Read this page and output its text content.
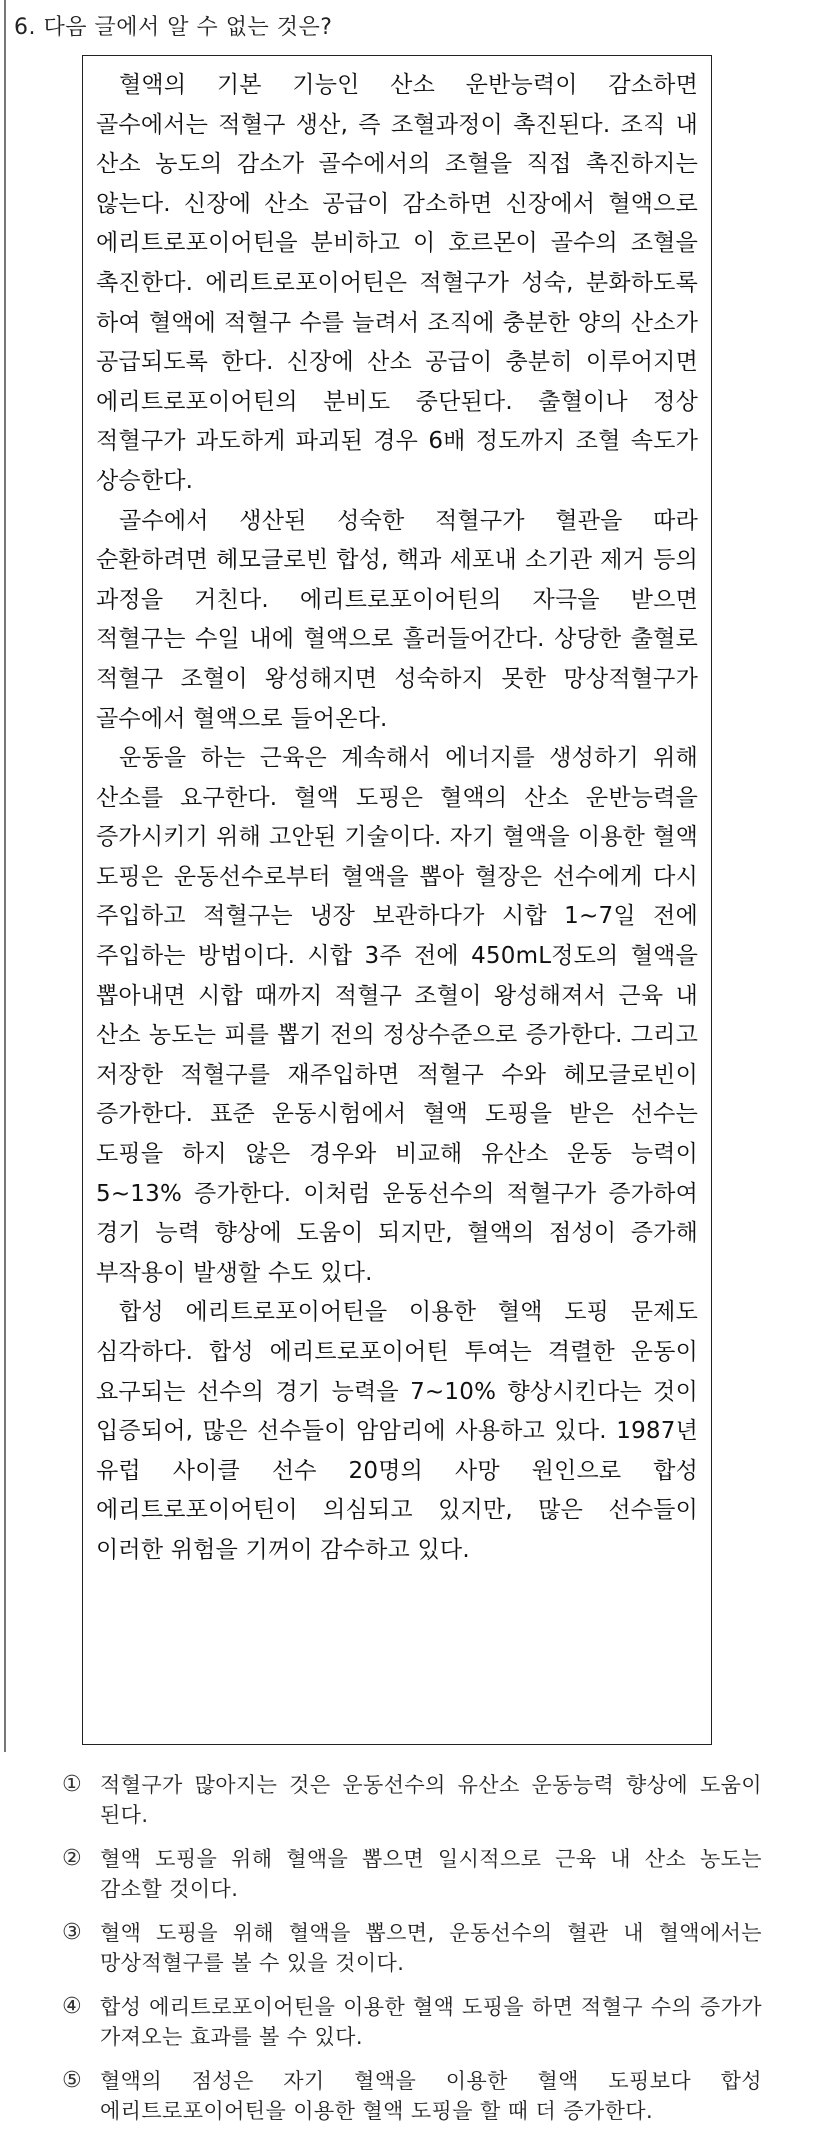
6. 다음 글에서 알 수 없는 것은?

혈액의 기본 기능인 산소 운반능력이 감소하면 골수에서는 적혈구 생산, 즉 조혈과정이 촉진된다. 조직 내 산소 농도의 감소가 골수에서의 조혈을 직접 촉진하지는 않는다. 신장에 산소 공급이 감소하면 신장에서 혈액으로 에리트로포이어틴을 분비하고 이 호르몬이 골수의 조혈을 촉진한다. 에리트로포이어틴은 적혈구가 성숙, 분화하도록 하여 혈액에 적혈구 수를 늘려서 조직에 충분한 양의 산소가 공급되도록 한다. 신장에 산소 공급이 충분히 이루어지면 에리트로포이어틴의 분비도 중단된다. 출혈이나 정상 적혈구가 과도하게 파괴된 경우 6배 정도까지 조혈 속도가 상승한다.

골수에서 생산된 성숙한 적혈구가 혈관을 따라 순환하려면 헤모글로빈 합성, 핵과 세포내 소기관 제거 등의 과정을 거친다. 에리트로포이어틴의 자극을 받으면 적혈구는 수일 내에 혈액으로 흘러들어간다. 상당한 출혈로 적혈구 조혈이 왕성해지면 성숙하지 못한 망상적혈구가 골수에서 혈액으로 들어온다.

운동을 하는 근육은 계속해서 에너지를 생성하기 위해 산소를 요구한다. 혈액 도핑은 혈액의 산소 운반능력을 증가시키기 위해 고안된 기술이다. 자기 혈액을 이용한 혈액 도핑은 운동선수로부터 혈액을 뽑아 혈장은 선수에게 다시 주입하고 적혈구는 냉장 보관하다가 시합 1~7일 전에 주입하는 방법이다. 시합 3주 전에 450mL정도의 혈액을 뽑아내면 시합 때까지 적혈구 조혈이 왕성해져서 근육 내 산소 농도는 피를 뽑기 전의 정상수준으로 증가한다. 그리고 저장한 적혈구를 재주입하면 적혈구 수와 헤모글로빈이 증가한다. 표준 운동시험에서 혈액 도핑을 받은 선수는 도핑을 하지 않은 경우와 비교해 유산소 운동 능력이 5~13% 증가한다. 이처럼 운동선수의 적혈구가 증가하여 경기 능력 향상에 도움이 되지만, 혈액의 점성이 증가해 부작용이 발생할 수도 있다.

합성 에리트로포이어틴을 이용한 혈액 도핑 문제도 심각하다. 합성 에리트로포이어틴 투여는 격렬한 운동이 요구되는 선수의 경기 능력을 7~10% 향상시킨다는 것이 입증되어, 많은 선수들이 암암리에 사용하고 있다. 1987년 유럽 사이클 선수 20명의 사망 원인으로 합성 에리트로포이어틴이 의심되고 있지만, 많은 선수들이 이러한 위험을 기꺼이 감수하고 있다.

① 적혈구가 많아지는 것은 운동선수의 유산소 운동능력 향상에 도움이 된다.
② 혈액 도핑을 위해 혈액을 뽑으면 일시적으로 근육 내 산소 농도는 감소할 것이다.
③ 혈액 도핑을 위해 혈액을 뽑으면, 운동선수의 혈관 내 혈액에서는 망상적혈구를 볼 수 있을 것이다.
④ 합성 에리트로포이어틴을 이용한 혈액 도핑을 하면 적혈구 수의 증가가 가져오는 효과를 볼 수 있다.
⑤ 혈액의 점성은 자기 혈액을 이용한 혈액 도핑보다 합성 에리트로포이어틴을 이용한 혈액 도핑을 할 때 더 증가한다.
